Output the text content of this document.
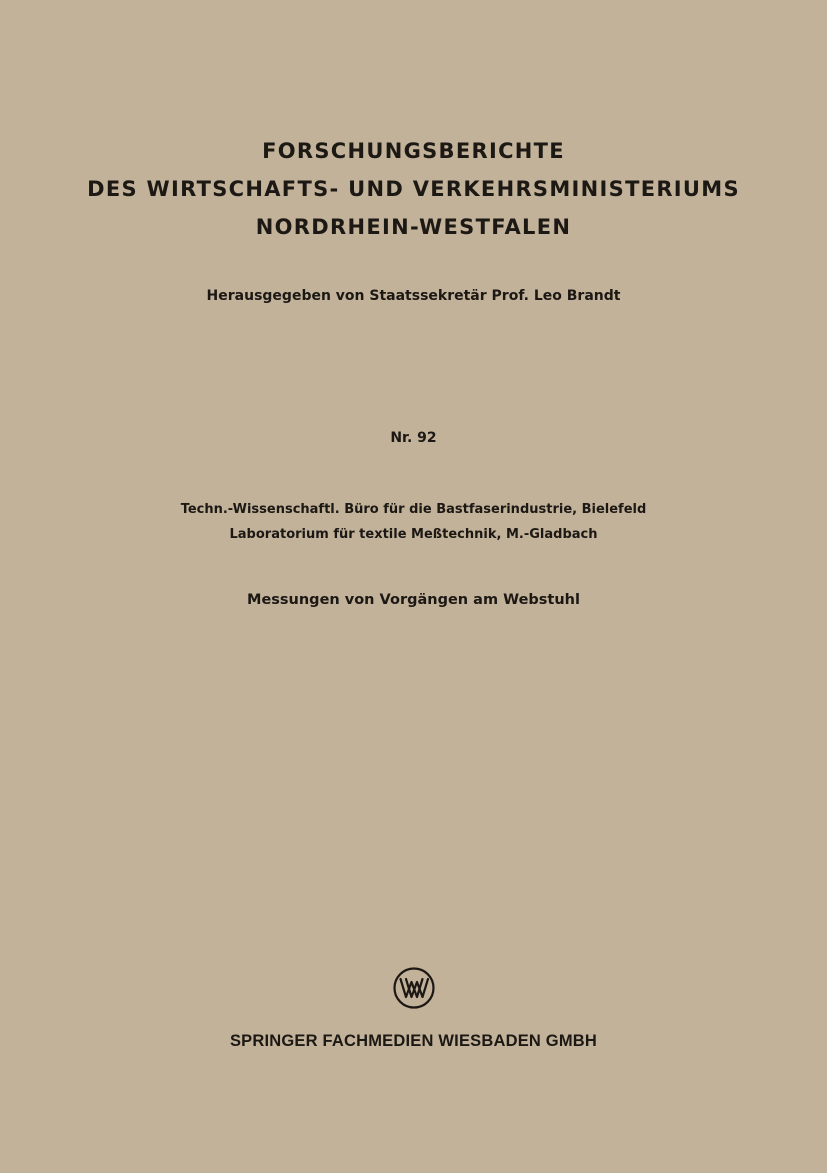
FORSCHUNGSBERICHTE
DES WIRTSCHAFTS- UND VERKEHRSMINISTERIUMS
NORDRHEIN-WESTFALEN
Herausgegeben von Staatssekretär Prof. Leo Brandt
Nr. 92
Techn.-Wissenschaftl. Büro für die Bastfaserindustrie, Bielefeld
Laboratorium für textile Meßtechnik, M.-Gladbach
Messungen von Vorgängen am Webstuhl
SPRINGER FACHMEDIEN WIESBADEN GMBH
